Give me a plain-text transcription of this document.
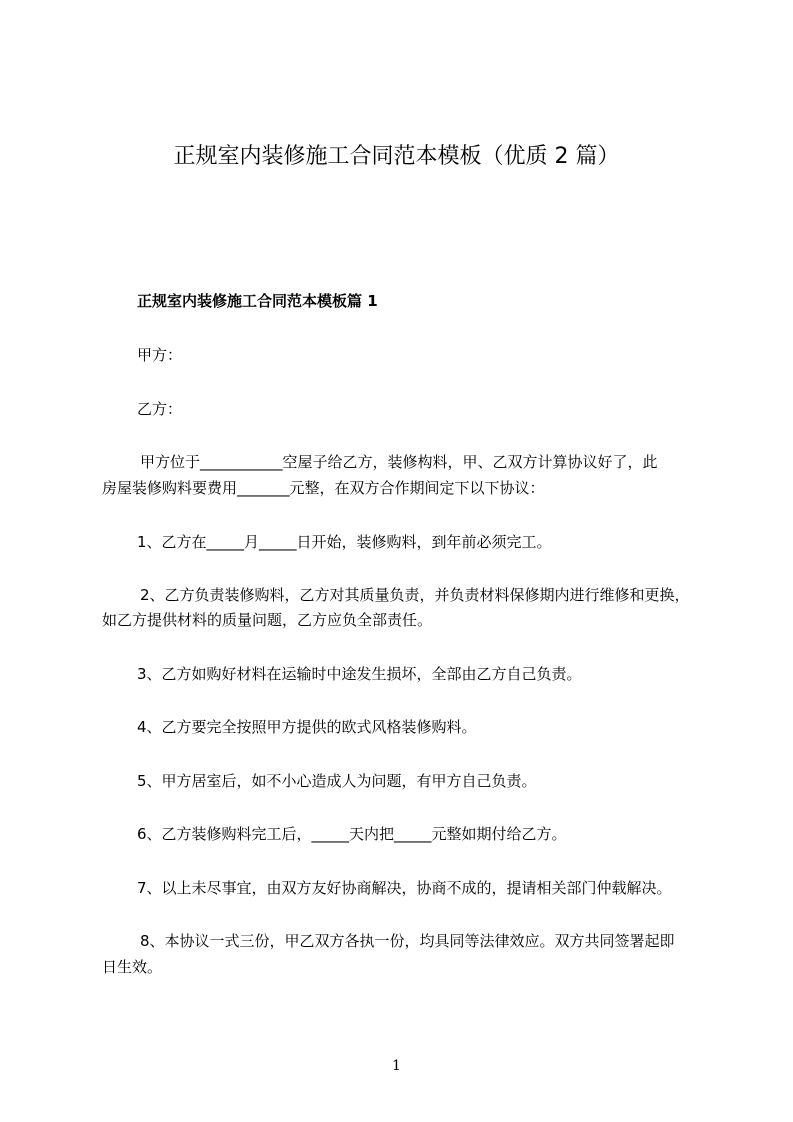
正规室内装修施工合同范本模板（优质 2 篇）
正规室内装修施工合同范本模板篇 1
甲方：
乙方：
甲方位于___________空屋子给乙方，装修构料，甲、乙双方计算协议好了，此
房屋装修购料要费用_______元整，在双方合作期间定下以下协议：
1、乙方在_____月_____日开始，装修购料，到年前必须完工。
2、乙方负责装修购料，乙方对其质量负责，并负责材料保修期内进行维修和更换，
如乙方提供材料的质量问题，乙方应负全部责任。
3、乙方如购好材料在运输时中途发生损坏，全部由乙方自己负责。
4、乙方要完全按照甲方提供的欧式风格装修购料。
5、甲方居室后，如不小心造成人为问题，有甲方自己负责。
6、乙方装修购料完工后，_____天内把_____元整如期付给乙方。
7、以上未尽事宜，由双方友好协商解决，协商不成的，提请相关部门仲载解决。
8、本协议一式三份，甲乙双方各执一份，均具同等法律效应。双方共同签署起即
日生效。
1
